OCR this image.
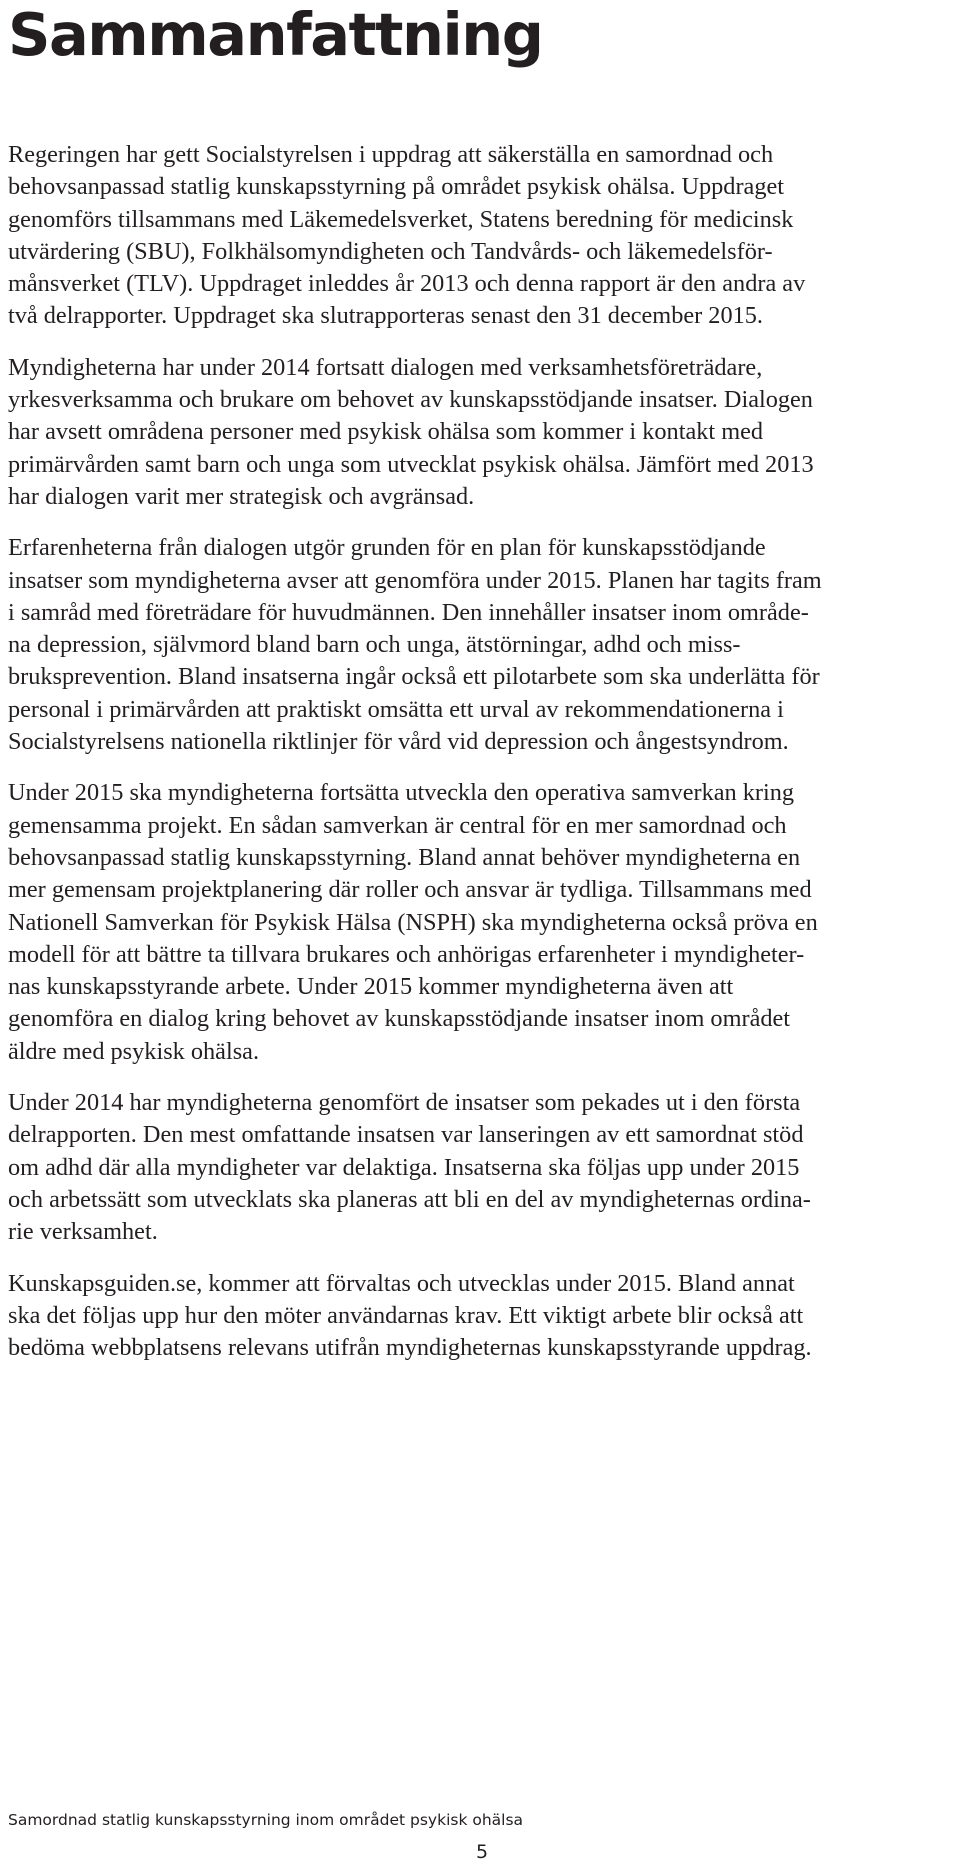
Sammanfattning

Regeringen har gett Socialstyrelsen i uppdrag att säkerställa en samordnad och
behovsanpassad statlig kunskapsstyrning på området psykisk ohälsa. Uppdraget
genomförs tillsammans med Läkemedelsverket, Statens beredning för medicinsk
utvärdering (SBU), Folkhälsomyndigheten och Tandvårds- och läkemedelsför-
månsverket (TLV). Uppdraget inleddes år 2013 och denna rapport är den andra av
två delrapporter. Uppdraget ska slutrapporteras senast den 31 december 2015.

Myndigheterna har under 2014 fortsatt dialogen med verksamhetsföreträdare,
yrkesverksamma och brukare om behovet av kunskapsstödjande insatser. Dialogen
har avsett områdena personer med psykisk ohälsa som kommer i kontakt med
primärvården samt barn och unga som utvecklat psykisk ohälsa. Jämfört med 2013
har dialogen varit mer strategisk och avgränsad.

Erfarenheterna från dialogen utgör grunden för en plan för kunskapsstödjande
insatser som myndigheterna avser att genomföra under 2015. Planen har tagits fram
i samråd med företrädare för huvudmännen. Den innehåller insatser inom områdе-
na depression, självmord bland barn och unga, ätstörningar, adhd och miss-
bruksprevention. Bland insatserna ingår också ett pilotarbete som ska underlätta för
personal i primärvården att praktiskt omsätta ett urval av rekommendationerna i
Socialstyrelsens nationella riktlinjer för vård vid depression och ångestsyndrom.

Under 2015 ska myndigheterna fortsätta utveckla den operativa samverkan kring
gemensamma projekt. En sådan samverkan är central för en mer samordnad och
behovsanpassad statlig kunskapsstyrning. Bland annat behöver myndigheterna en
mer gemensam projektplanering där roller och ansvar är tydliga. Tillsammans med
Nationell Samverkan för Psykisk Hälsa (NSPH) ska myndigheterna också pröva en
modell för att bättre ta tillvara brukares och anhörigas erfarenheter i myndigheter-
nas kunskapsstyrande arbete. Under 2015 kommer myndigheterna även att
genomföra en dialog kring behovet av kunskapsstödjande insatser inom området
äldre med psykisk ohälsa.

Under 2014 har myndigheterna genomfört de insatser som pekades ut i den första
delrapporten. Den mest omfattande insatsen var lanseringen av ett samordnat stöd
om adhd där alla myndigheter var delaktiga. Insatserna ska följas upp under 2015
och arbetssätt som utvecklats ska planeras att bli en del av myndigheternas ordina-
rie verksamhet.

Kunskapsguiden.se, kommer att förvaltas och utvecklas under 2015. Bland annat
ska det följas upp hur den möter användarnas krav. Ett viktigt arbete blir också att
bedöma webbplatsens relevans utifrån myndigheternas kunskapsstyrande uppdrag.

Samordnad statlig kunskapsstyrning inom området psykisk ohälsa
5
